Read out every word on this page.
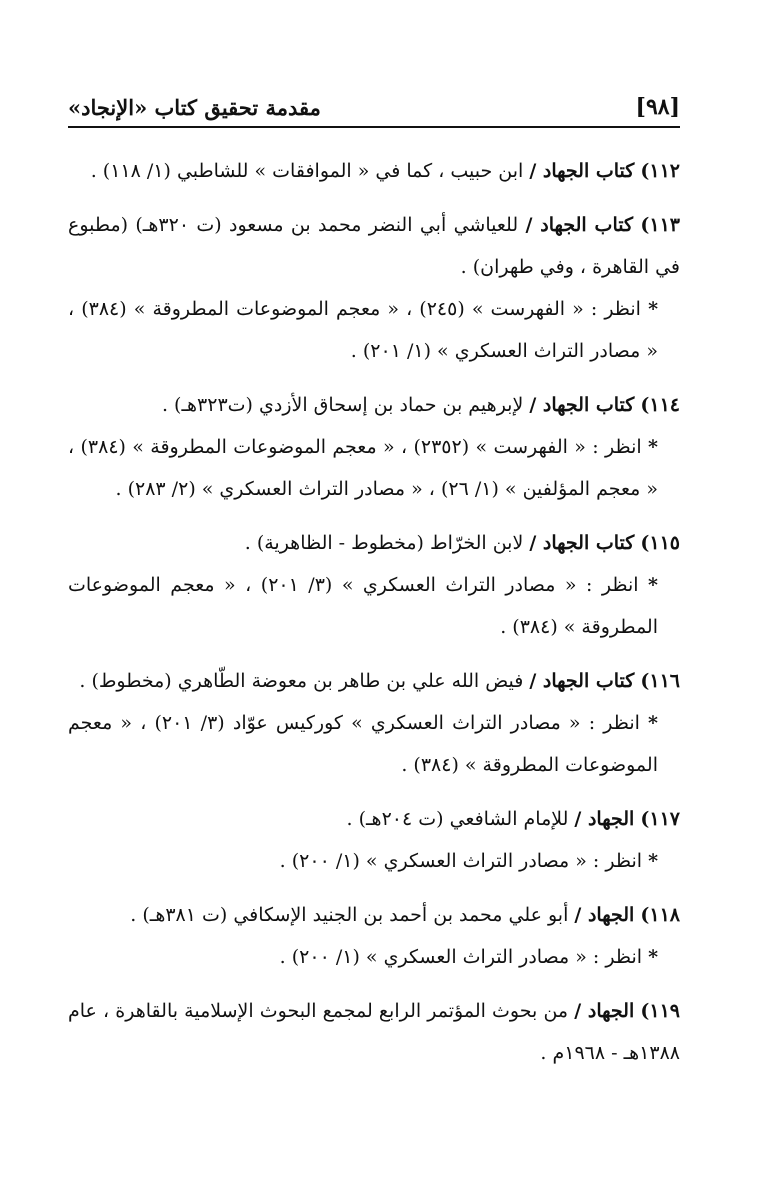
[٩٨]
مقدمة تحقيق كتاب «الإنجاد»
١١٢) كتاب الجهاد / ابن حبيب ، كما في « الموافقات » للشاطبي (١/ ١١٨) .
١١٣) كتاب الجهاد / للعياشي أبي النضر محمد بن مسعود (ت ٣٢٠هـ) (مطبوع في القاهرة ، وفي طهران) .
* انظر : « الفهرست » (٢٤٥) ، « معجم الموضوعات المطروقة » (٣٨٤) ، « مصادر التراث العسكري » (١/ ٢٠١) .
١١٤) كتاب الجهاد / لإبرهيم بن حماد بن إسحاق الأزدي (ت٣٢٣هـ) .
* انظر : « الفهرست » (٢٣٥٢) ، « معجم الموضوعات المطروقة » (٣٨٤) ، « معجم المؤلفين » (١/ ٢٦) ، « مصادر التراث العسكري » (٢/ ٢٨٣) .
١١٥) كتاب الجهاد / لابن الخرّاط (مخطوط - الظاهرية) .
* انظر : « مصادر التراث العسكري » (٣/ ٢٠١) ، « معجم الموضوعات المطروقة » (٣٨٤) .
١١٦) كتاب الجهاد / فيض الله علي بن طاهر بن معوضة الطّاهري (مخطوط) .
* انظر : « مصادر التراث العسكري » كوركيس عوّاد (٣/ ٢٠١) ، « معجم الموضوعات المطروقة » (٣٨٤) .
١١٧) الجهاد / للإمام الشافعي (ت ٢٠٤هـ) .
* انظر : « مصادر التراث العسكري » (١/ ٢٠٠) .
١١٨) الجهاد / أبو علي محمد بن أحمد بن الجنيد الإسكافي (ت ٣٨١هـ) .
* انظر : « مصادر التراث العسكري » (١/ ٢٠٠) .
١١٩) الجهاد / من بحوث المؤتمر الرابع لمجمع البحوث الإسلامية بالقاهرة ، عام ١٣٨٨هـ - ١٩٦٨م .
